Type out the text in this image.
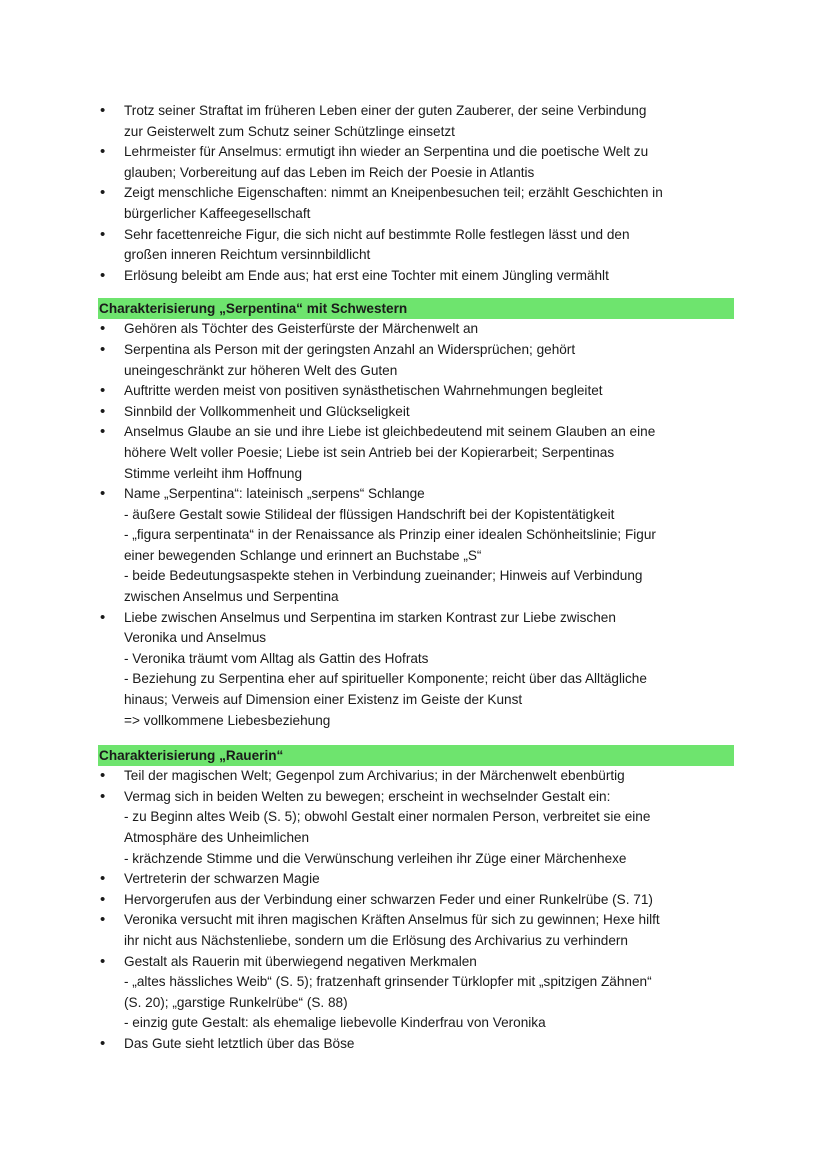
•	Trotz seiner Straftat im früheren Leben einer der guten Zauberer, der seine Verbindung
zur Geisterwelt zum Schutz seiner Schützlinge einsetzt
•	Lehrmeister für Anselmus: ermutigt ihn wieder an Serpentina und die poetische Welt zu
glauben; Vorbereitung auf das Leben im Reich der Poesie in Atlantis
•	Zeigt menschliche Eigenschaften: nimmt an Kneipenbesuchen teil; erzählt Geschichten in
bürgerlicher Kaffeegesellschaft
•	Sehr facettenreiche Figur, die sich nicht auf bestimmte Rolle festlegen lässt und den
großen inneren Reichtum versinnbildlicht
•	Erlösung beleibt am Ende aus; hat erst eine Tochter mit einem Jüngling vermählt
Charakterisierung „Serpentina“ mit Schwestern
•	Gehören als Töchter des Geisterfürste der Märchenwelt an
•	Serpentina als Person mit der geringsten Anzahl an Widersprüchen; gehört
uneingeschränkt zur höheren Welt des Guten
•	Auftritte werden meist von positiven synästhetischen Wahrnehmungen begleitet
•	Sinnbild der Vollkommenheit und Glückseligkeit
•	Anselmus Glaube an sie und ihre Liebe ist gleichbedeutend mit seinem Glauben an eine
höhere Welt voller Poesie; Liebe ist sein Antrieb bei der Kopierarbeit; Serpentinas
Stimme verleiht ihm Hoffnung
•	Name „Serpentina“: lateinisch „serpens“ Schlange
- äußere Gestalt sowie Stilideal der flüssigen Handschrift bei der Kopistentätigkeit
- „figura serpentinata“ in der Renaissance als Prinzip einer idealen Schönheitslinie; Figur
einer bewegenden Schlange und erinnert an Buchstabe „S“
- beide Bedeutungsaspekte stehen in Verbindung zueinander; Hinweis auf Verbindung
zwischen Anselmus und Serpentina
•	Liebe zwischen Anselmus und Serpentina im starken Kontrast zur Liebe zwischen
Veronika und Anselmus
- Veronika träumt vom Alltag als Gattin des Hofrats
- Beziehung zu Serpentina eher auf spiritueller Komponente; reicht über das Alltägliche
hinaus; Verweis auf Dimension einer Existenz im Geiste der Kunst
=> vollkommene Liebesbeziehung
Charakterisierung „Rauerin“
•	Teil der magischen Welt; Gegenpol zum Archivarius; in der Märchenwelt ebenbürtig
•	Vermag sich in beiden Welten zu bewegen; erscheint in wechselnder Gestalt ein:
- zu Beginn altes Weib (S. 5); obwohl Gestalt einer normalen Person, verbreitet sie eine
Atmosphäre des Unheimlichen
- krächzende Stimme und die Verwünschung verleihen ihr Züge einer Märchenhexe
•	Vertreterin der schwarzen Magie
•	Hervorgerufen aus der Verbindung einer schwarzen Feder und einer Runkelrübe (S. 71)
•	Veronika versucht mit ihren magischen Kräften Anselmus für sich zu gewinnen; Hexe hilft
ihr nicht aus Nächstenliebe, sondern um die Erlösung des Archivarius zu verhindern
•	Gestalt als Rauerin mit überwiegend negativen Merkmalen
- „altes hässliches Weib“ (S. 5); fratzenhaft grinsender Türklopfer mit „spitzigen Zähnen“
(S. 20); „garstige Runkelrübe“ (S. 88)
- einzig gute Gestalt: als ehemalige liebevolle Kinderfrau von Veronika
•	Das Gute sieht letztlich über das Böse
